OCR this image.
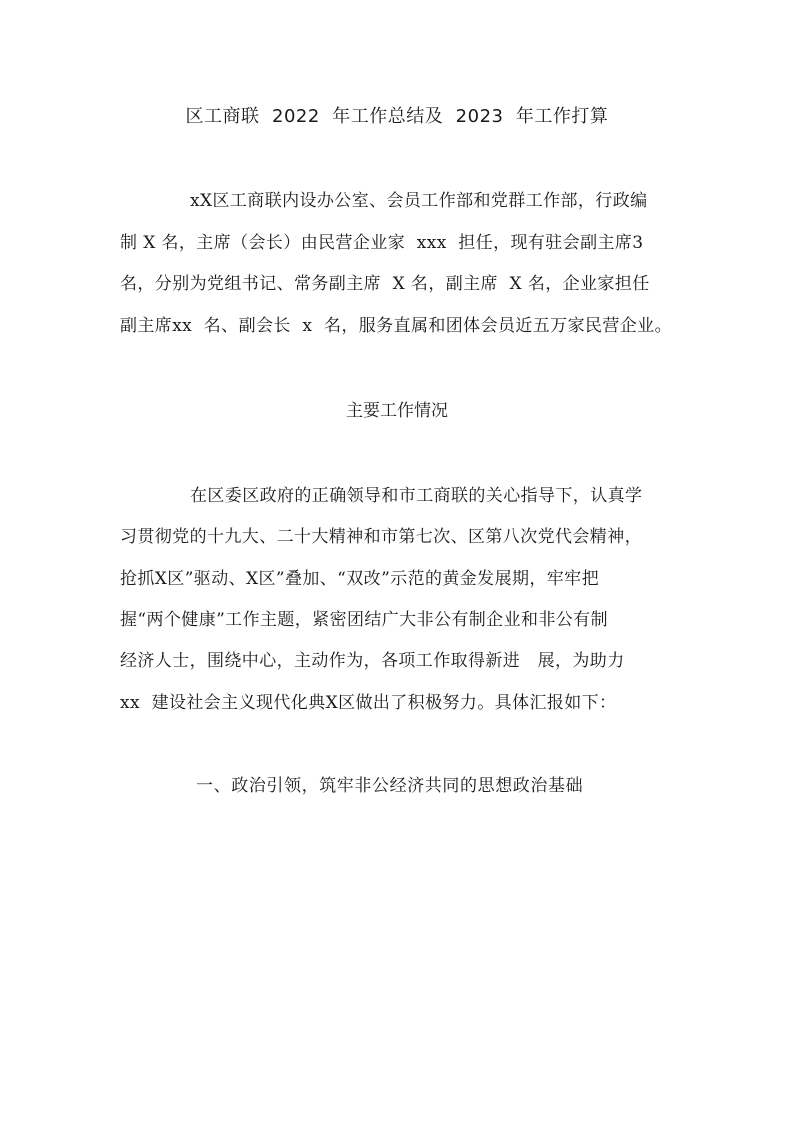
区工商联  2022  年工作总结及  2023  年工作打算
xX区工商联内设办公室、会员工作部和党群工作部，行政编
制 X 名，主席（会长）由民营企业家  xxx  担任，现有驻会副主席3
名，分别为党组书记、常务副主席  X 名，副主席  X 名，企业家担任
副主席xx  名、副会长  x  名，服务直属和团体会员近五万家民营企业。
主要工作情况
在区委区政府的正确领导和市工商联的关心指导下，认真学
习贯彻党的十九大、二十大精神和市第七次、区第八次党代会精神，
抢抓X区”驱动、X区”叠加、“双改”示范的黄金发展期，牢牢把
握“两个健康”工作主题，紧密团结广大非公有制企业和非公有制
经济人士，围绕中心，主动作为，各项工作取得新进   展，为助力
xx  建设社会主义现代化典X区做出了积极努力。具体汇报如下：
一、政治引领，筑牢非公经济共同的思想政治基础
